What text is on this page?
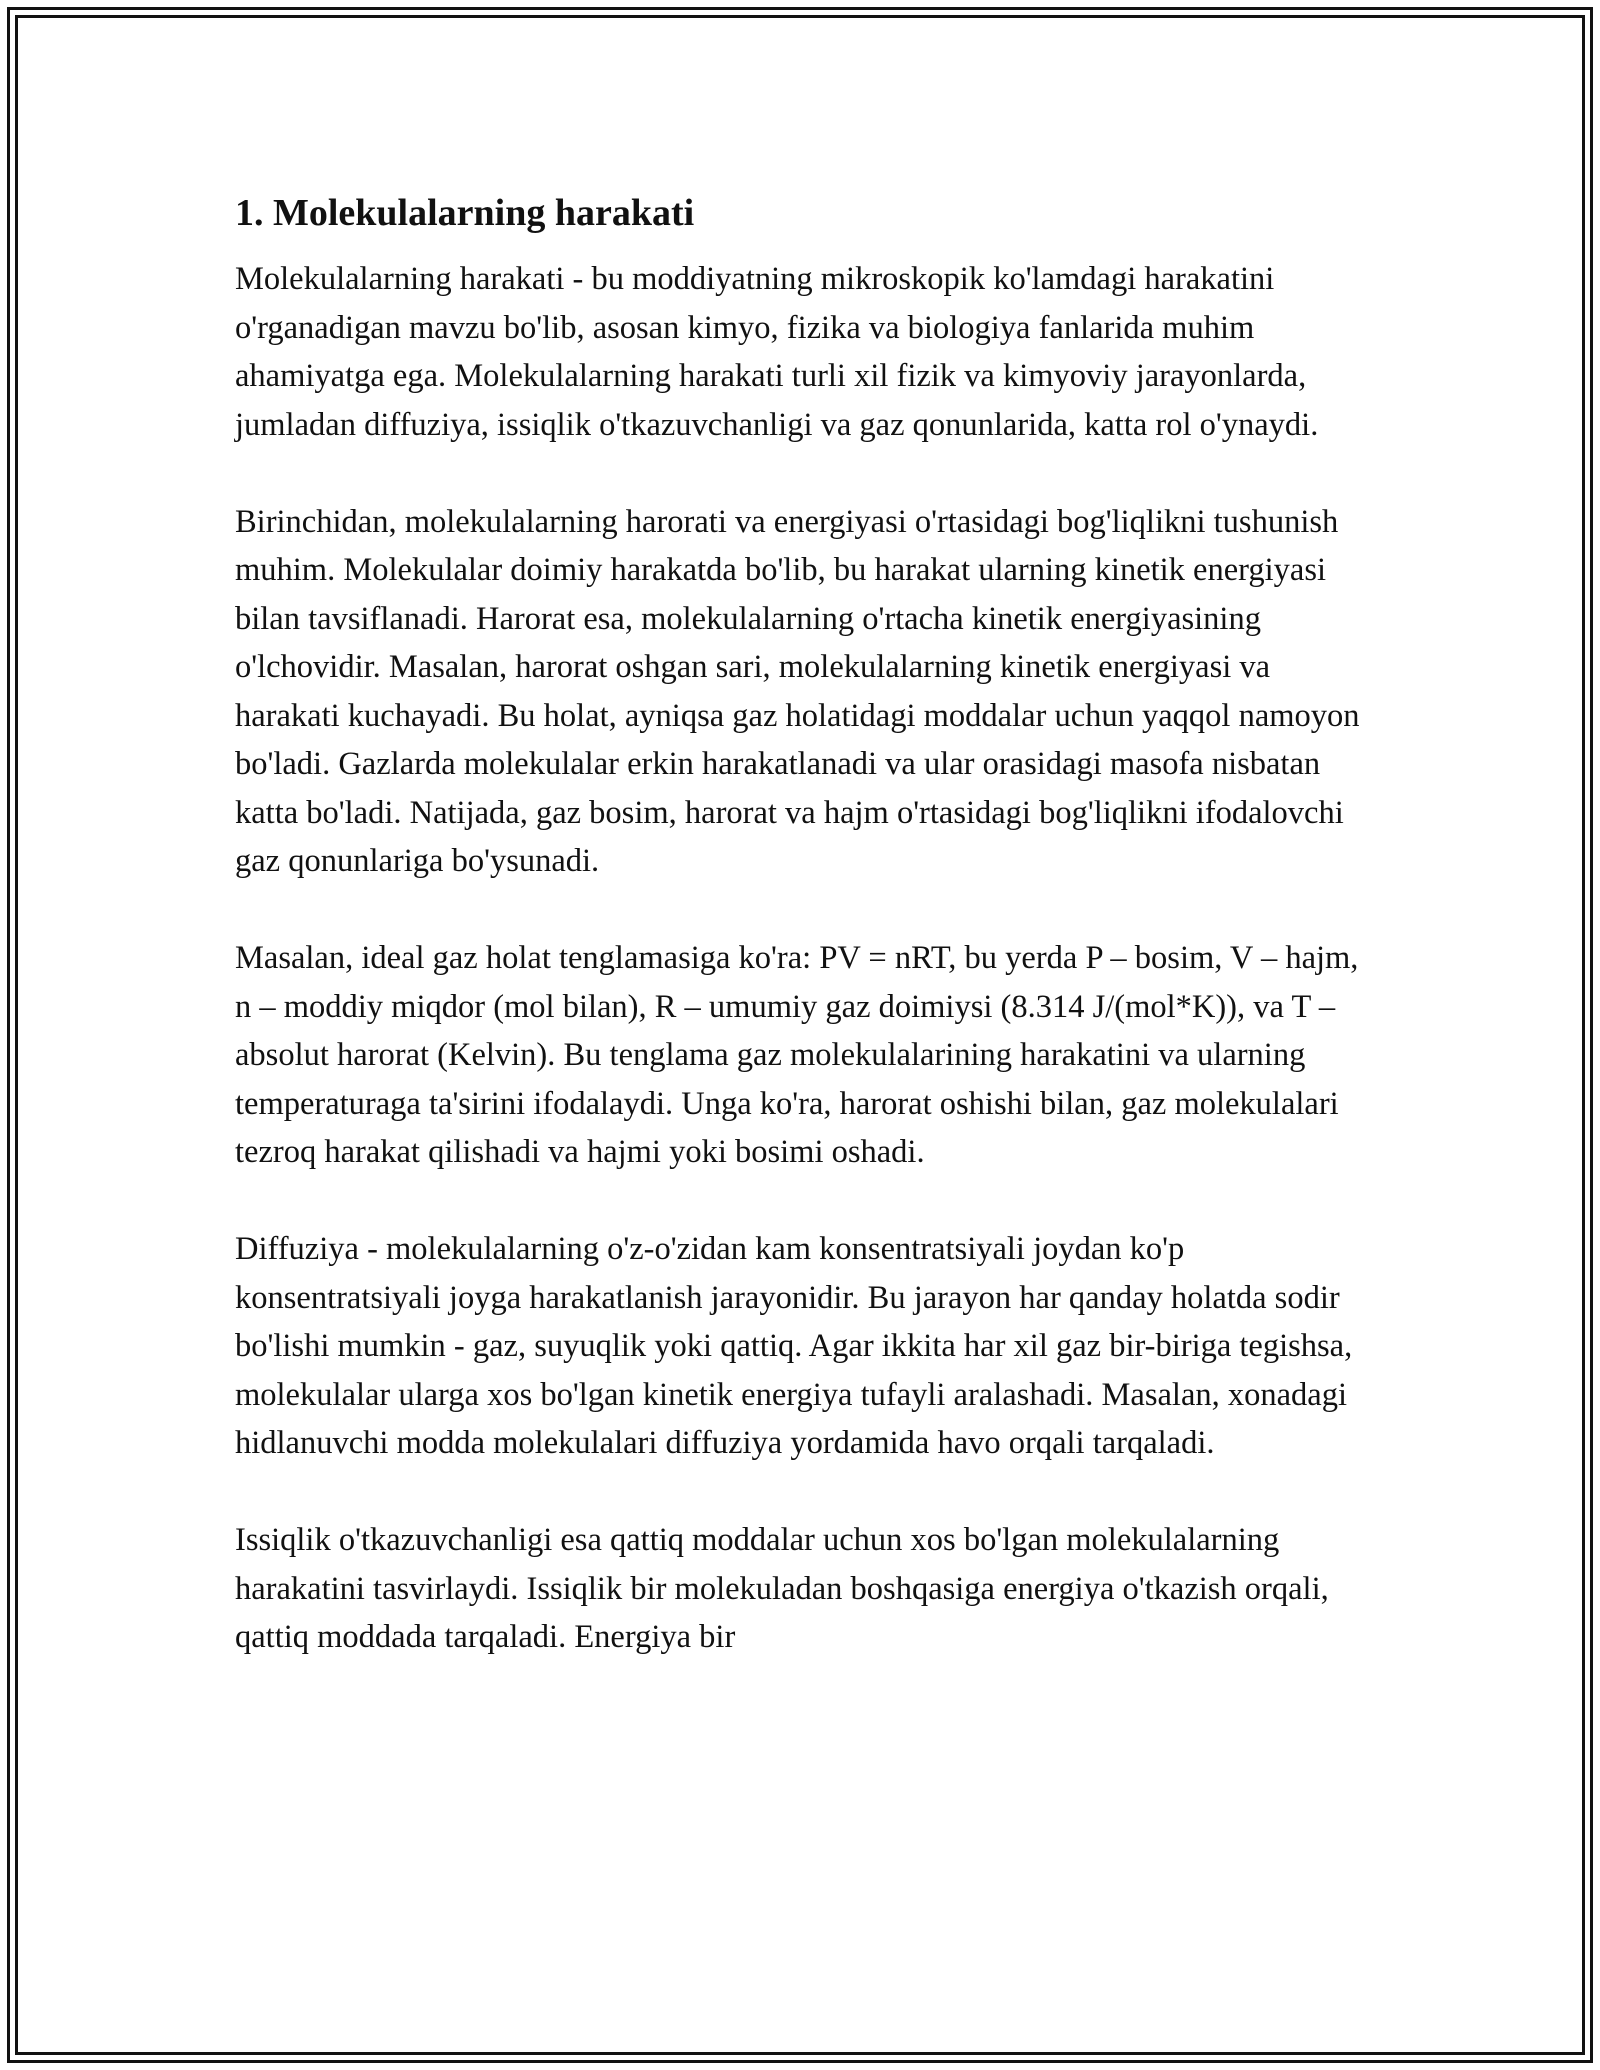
1. Molekulalarning harakati

Molekulalarning harakati - bu moddiyatning mikroskopik ko'lamdagi harakatini o'rganadigan mavzu bo'lib, asosan kimyo, fizika va biologiya fanlarida muhim ahamiyatga ega. Molekulalarning harakati turli xil fizik va kimyoviy jarayonlarda, jumladan diffuziya, issiqlik o'tkazuvchanligi va gaz qonunlarida, katta rol o'ynaydi.

Birinchidan, molekulalarning harorati va energiyasi o'rtasidagi bog'liqlikni tushunish muhim. Molekulalar doimiy harakatda bo'lib, bu harakat ularning kinetik energiyasi bilan tavsiflanadi. Harorat esa, molekulalarning o'rtacha kinetik energiyasining o'lchovidir. Masalan, harorat oshgan sari, molekulalarning kinetik energiyasi va harakati kuchayadi. Bu holat, ayniqsa gaz holatidagi moddalar uchun yaqqol namoyon bo'ladi. Gazlarda molekulalar erkin harakatlanadi va ular orasidagi masofa nisbatan katta bo'ladi. Natijada, gaz bosim, harorat va hajm o'rtasidagi bog'liqlikni ifodalovchi gaz qonunlariga bo'ysunadi.

Masalan, ideal gaz holat tenglamasiga ko'ra: PV = nRT, bu yerda P – bosim, V – hajm, n – moddiy miqdor (mol bilan), R – umumiy gaz doimiysi (8.314 J/(mol*K)), va T – absolut harorat (Kelvin). Bu tenglama gaz molekulalarining harakatini va ularning temperaturaga ta'sirini ifodalaydi. Unga ko'ra, harorat oshishi bilan, gaz molekulalari tezroq harakat qilishadi va hajmi yoki bosimi oshadi.

Diffuziya - molekulalarning o'z-o'zidan kam konsentratsiyali joydan ko'p konsentratsiyali joyga harakatlanish jarayonidir. Bu jarayon har qanday holatda sodir bo'lishi mumkin - gaz, suyuqlik yoki qattiq. Agar ikkita har xil gaz bir-biriga tegishsa, molekulalar ularga xos bo'lgan kinetik energiya tufayli aralashadi. Masalan, xonadagi hidlanuvchi modda molekulalari diffuziya yordamida havo orqali tarqaladi.

Issiqlik o'tkazuvchanligi esa qattiq moddalar uchun xos bo'lgan molekulalarning harakatini tasvirlaydi. Issiqlik bir molekuladan boshqasiga energiya o'tkazish orqali, qattiq moddada tarqaladi. Energiya bir
